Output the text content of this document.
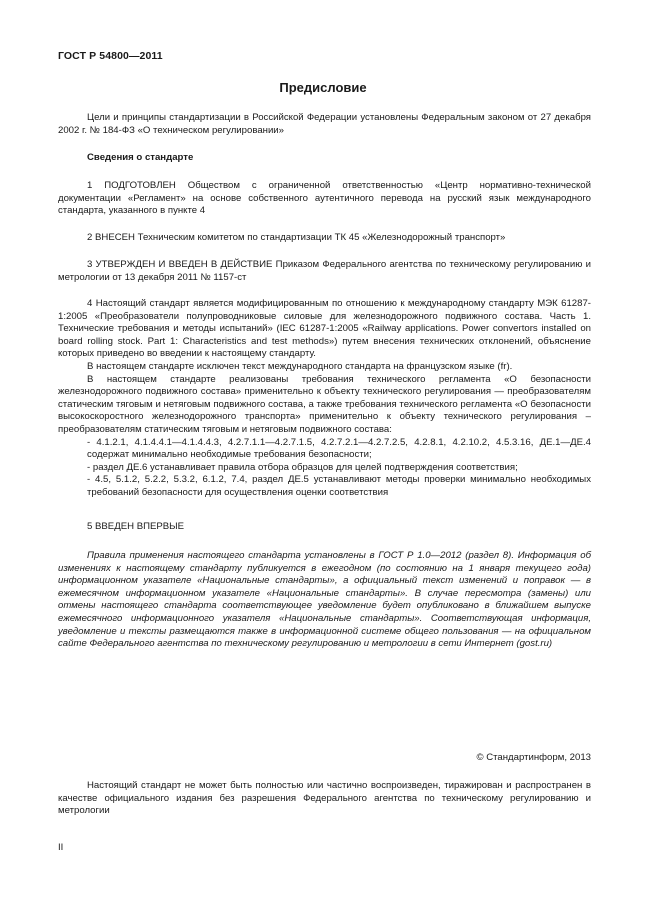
ГОСТ Р 54800—2011
Предисловие

Цели и принципы стандартизации в Российской Федерации установлены Федеральным законом от 27 декабря 2002 г. № 184-ФЗ «О техническом регулировании»

Сведения о стандарте

1 ПОДГОТОВЛЕН Обществом с ограниченной ответственностью «Центр нормативно-технической документации «Регламент» на основе собственного аутентичного перевода на русский язык международного стандарта, указанного в пункте 4

2 ВНЕСЕН Техническим комитетом по стандартизации ТК 45 «Железнодорожный транспорт»

3 УТВЕРЖДЕН И ВВЕДЕН В ДЕЙСТВИЕ Приказом Федерального агентства по техническому регулированию и метрологии от 13 декабря 2011 № 1157-ст

4 Настоящий стандарт является модифицированным по отношению к международному стандарту МЭК 61287-1:2005 «Преобразователи полупроводниковые силовые для железнодорожного подвижного состава. Часть 1. Технические требования и методы испытаний» (IEC 61287-1:2005 «Railway applications. Power convertors installed on board rolling stock. Part 1: Characteristics and test methods») путем внесения технических отклонений, объяснение которых приведено во введении к настоящему стандарту.

В настоящем стандарте исключен текст международного стандарта на французском языке (fr).

В настоящем стандарте реализованы требования технического регламента «О безопасности железнодорожного подвижного состава» применительно к объекту технического регулирования — преобразователям статическим тяговым и нетяговым подвижного состава, а также требования технического регламента «О безопасности высокоскоростного железнодорожного транспорта» применительно к объекту технического регулирования – преобразователям статическим тяговым и нетяговым подвижного состава:

- 4.1.2.1, 4.1.4.4.1—4.1.4.4.3, 4.2.7.1.1—4.2.7.1.5, 4.2.7.2.1—4.2.7.2.5, 4.2.8.1, 4.2.10.2, 4.5.3.16, ДЕ.1—ДЕ.4 содержат минимально необходимые требования безопасности;

- раздел ДЕ.6 устанавливает правила отбора образцов для целей подтверждения соответствия;

- 4.5, 5.1.2, 5.2.2, 5.3.2, 6.1.2, 7.4, раздел ДЕ.5 устанавливают методы проверки минимально необходимых требований безопасности для осуществления оценки соответствия

5 ВВЕДЕН ВПЕРВЫЕ

Правила применения настоящего стандарта установлены в ГОСТ Р 1.0—2012 (раздел 8). Информация об изменениях к настоящему стандарту публикуется в ежегодном (по состоянию на 1 января текущего года) информационном указателе «Национальные стандарты», а официальный текст изменений и поправок — в ежемесячном информационном указателе «Национальные стандарты». В случае пересмотра (замены) или отмены настоящего стандарта соответствующее уведомление будет опубликовано в ближайшем выпуске ежемесячного информационного указателя «Национальные стандарты». Соответствующая информация, уведомление и тексты размещаются также в информационной системе общего пользования — на официальном сайте Федерального агентства по техническому регулированию и метрологии в сети Интернет (gost.ru)

© Стандартинформ, 2013

Настоящий стандарт не может быть полностью или частично воспроизведен, тиражирован и распространен в качестве официального издания без разрешения Федерального агентства по техническому регулированию и метрологии

II
